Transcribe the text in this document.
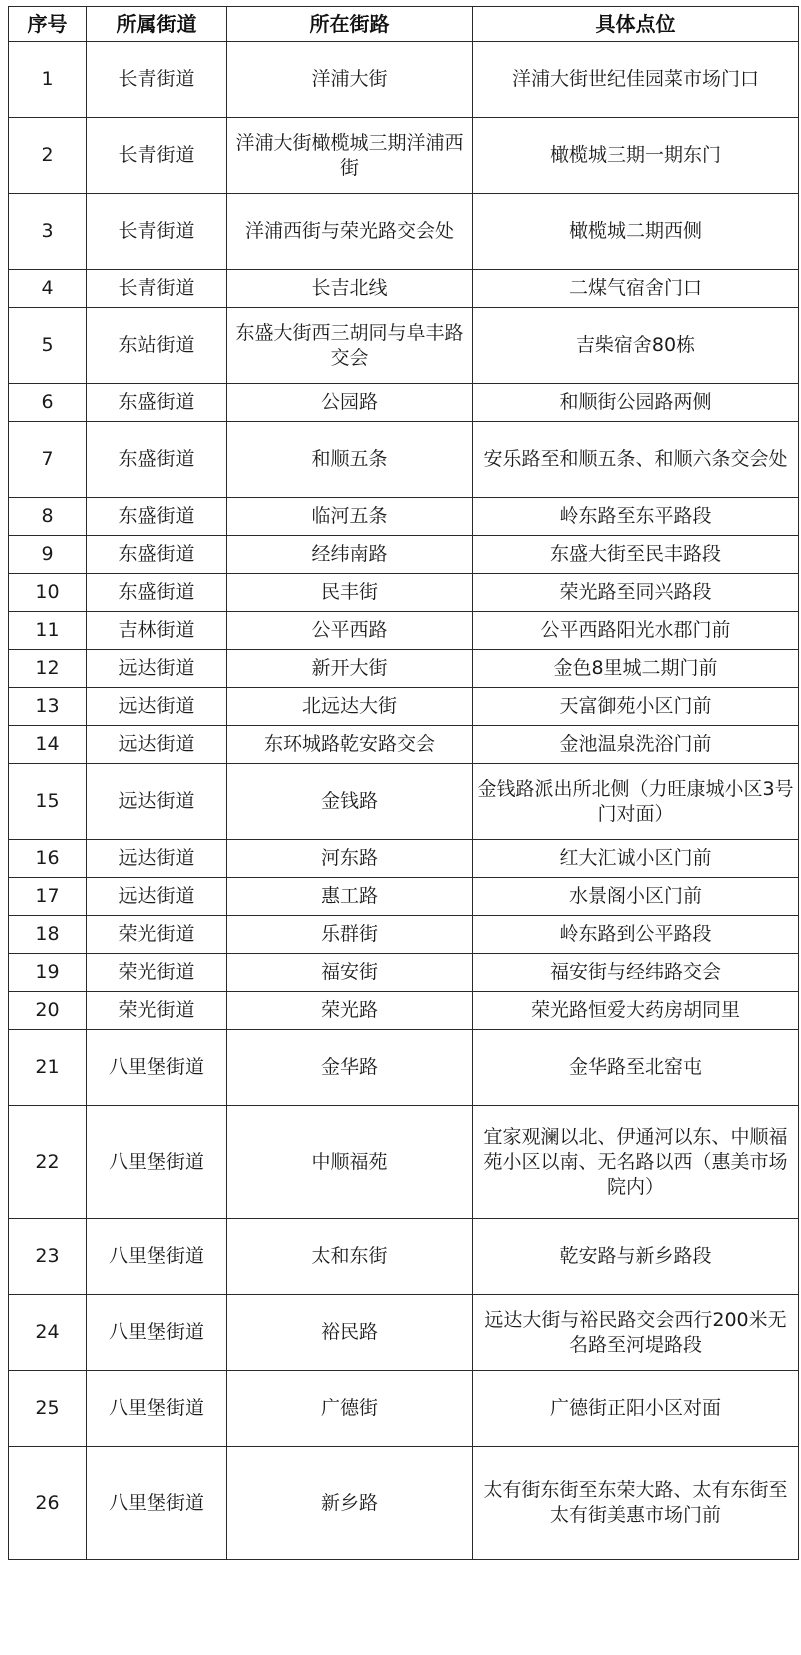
序号	所属街道	所在街路	具体点位
1	长青街道	洋浦大街	洋浦大街世纪佳园菜市场门口
2	长青街道	洋浦大街橄榄城三期洋浦西街	橄榄城三期一期东门
3	长青街道	洋浦西街与荣光路交会处	橄榄城二期西侧
4	长青街道	长吉北线	二煤气宿舍门口
5	东站街道	东盛大街西三胡同与阜丰路交会	吉柴宿舍80栋
6	东盛街道	公园路	和顺街公园路两侧
7	东盛街道	和顺五条	安乐路至和顺五条、和顺六条交会处
8	东盛街道	临河五条	岭东路至东平路段
9	东盛街道	经纬南路	东盛大街至民丰路段
10	东盛街道	民丰街	荣光路至同兴路段
11	吉林街道	公平西路	公平西路阳光水郡门前
12	远达街道	新开大街	金色8里城二期门前
13	远达街道	北远达大街	天富御苑小区门前
14	远达街道	东环城路乾安路交会	金池温泉洗浴门前
15	远达街道	金钱路	金钱路派出所北侧（力旺康城小区3号门对面）
16	远达街道	河东路	红大汇诚小区门前
17	远达街道	惠工路	水景阁小区门前
18	荣光街道	乐群街	岭东路到公平路段
19	荣光街道	福安街	福安街与经纬路交会
20	荣光街道	荣光路	荣光路恒爱大药房胡同里
21	八里堡街道	金华路	金华路至北窑屯
22	八里堡街道	中顺福苑	宜家观澜以北、伊通河以东、中顺福苑小区以南、无名路以西（惠美市场院内）
23	八里堡街道	太和东街	乾安路与新乡路段
24	八里堡街道	裕民路	远达大街与裕民路交会西行200米无名路至河堤路段
25	八里堡街道	广德街	广德街正阳小区对面
26	八里堡街道	新乡路	太有街东街至东荣大路、太有东街至太有街美惠市场门前
